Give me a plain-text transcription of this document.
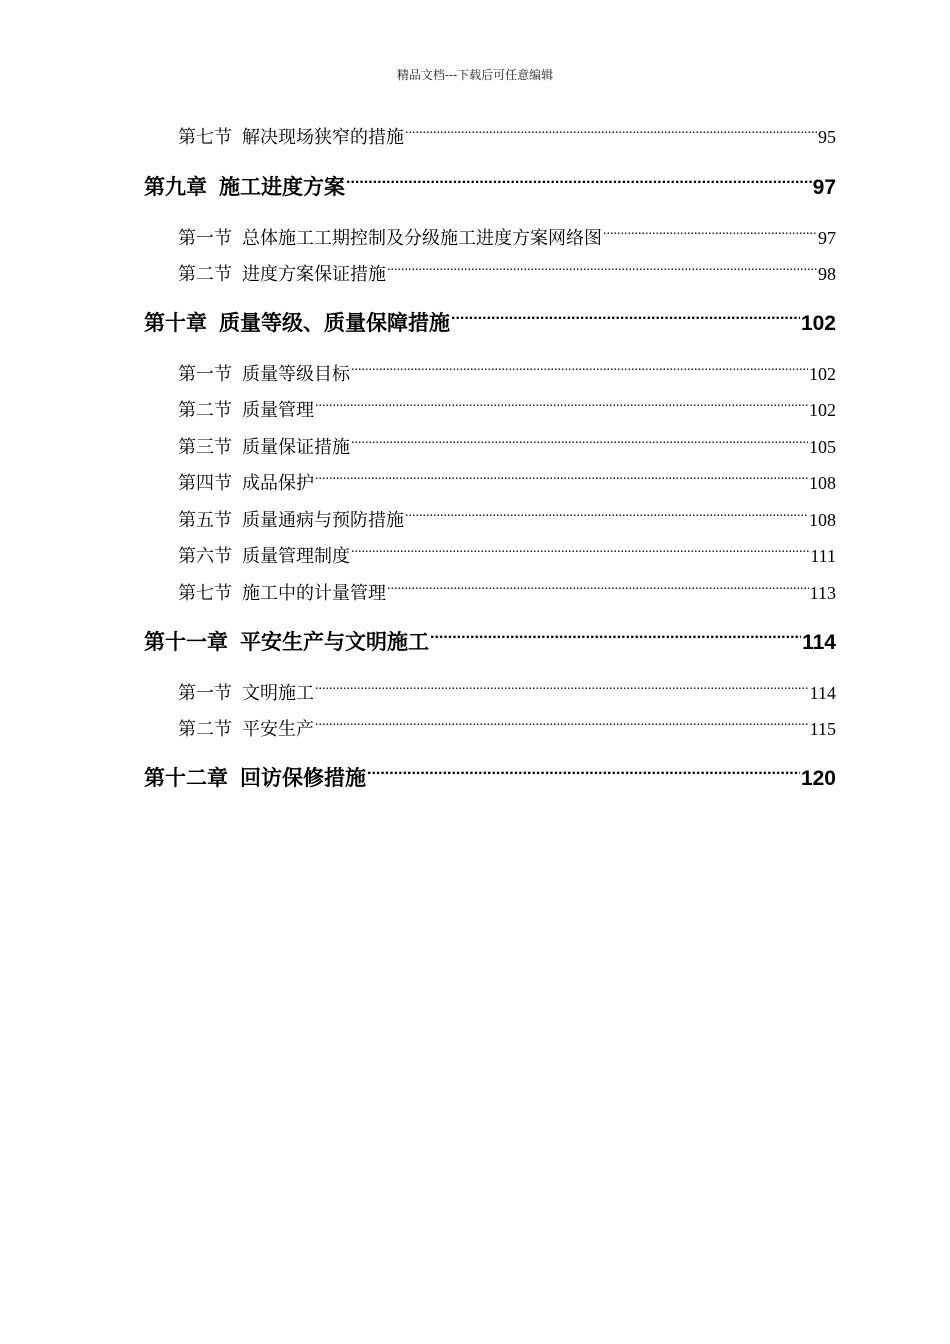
精品文档---下载后可任意编辑
第七节 解决现场狭窄的措施 .....	95
第九章 施工进度方案 .....	97
第一节 总体施工工期控制及分级施工进度方案网络图 .....	97
第二节 进度方案保证措施 .....	98
第十章 质量等级、质量保障措施 .....	102
第一节 质量等级目标 .....	102
第二节 质量管理 .....	102
第三节 质量保证措施 .....	105
第四节 成品保护 .....	108
第五节 质量通病与预防措施 .....	108
第六节 质量管理制度 .....	111
第七节 施工中的计量管理 .....	113
第十一章 平安生产与文明施工 .....	114
第一节 文明施工 .....	114
第二节 平安生产 .....	115
第十二章 回访保修措施 .....	120
